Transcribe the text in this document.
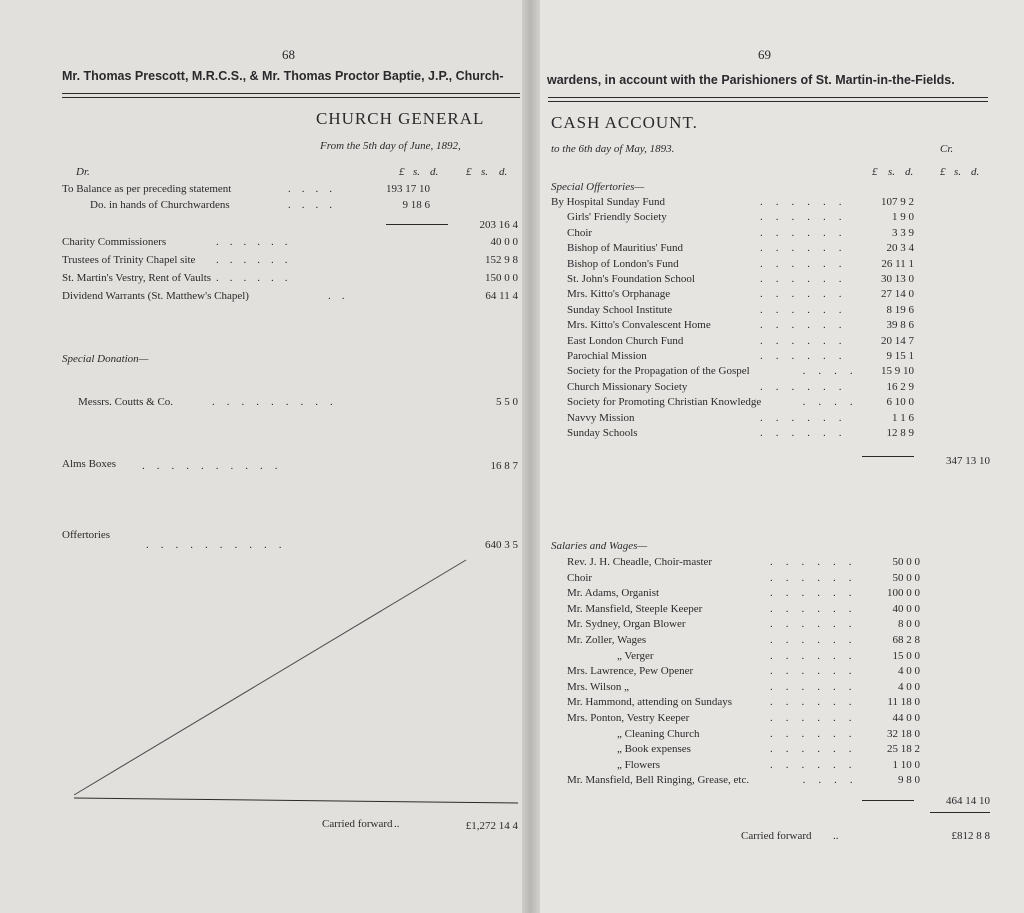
68
Mr. Thomas Prescott, M.R.C.S., & Mr. Thomas Proctor Baptie, J.P., Church-
CHURCH GENERAL
From the 5th day of June, 1892,
Dr.	£ s. d.	£ s. d.
To Balance as per preceding statement	....	193 17 10
Do. in hands of Churchwardens	....	9 18 6
203 16 4
Charity Commissioners	......	40 0 0
Trustees of Trinity Chapel site ......	152 9 8
St. Martin's Vestry, Rent of Vaults ......	150 0 0
Dividend Warrants (St. Matthew's Chapel)	..	64 11 4
Special Donation—
Messrs. Coutts & Co.	.........	5 5 0
Alms Boxes ..........	16 8 7
Offertories
..........	640 3 5
Carried forward ..	£1,272 14 4
69
wardens, in account with the Parishioners of St. Martin-in-the-Fields.
CASH ACCOUNT.
to the 6th day of May, 1893.	Cr.
£ s. d. £ s. d.
Special Offertories—
By Hospital Sunday Fund	......	107 9 2
Girls' Friendly Society	......	1 9 0
Choir	......	3 3 9
Bishop of Mauritius' Fund	......	20 3 4
Bishop of London's Fund	......	26 11 1
St. John's Foundation School	......	30 13 0
Mrs. Kitto's Orphanage	......	27 14 0
Sunday School Institute	......	8 19 6
Mrs. Kitto's Convalescent Home	......	39 8 6
East London Church Fund	......	20 14 7
Parochial Mission	......	9 15 1
Society for the Propagation of the Gospel	....	15 9 10
Church Missionary Society	......	16 2 9
Society for Promoting Christian Knowledge	....	6 10 0
Navvy Mission	......	1 1 6
Sunday Schools	......	12 8 9
347 13 10
Salaries and Wages—
Rev. J. H. Cheadle, Choir-master	......	50 0 0
Choir	......	50 0 0
Mr. Adams, Organist	......	100 0 0
Mr. Mansfield, Steeple Keeper	......	40 0 0
Mr. Sydney, Organ Blower	......	8 0 0
Mr. Zoller, Wages	......	68 2 8
„ Verger	......	15 0 0
Mrs. Lawrence, Pew Opener	......	4 0 0
Mrs. Wilson „	......	4 0 0
Mr. Hammond, attending on Sundays	......	11 18 0
Mrs. Ponton, Vestry Keeper	......	44 0 0
„ Cleaning Church	......	32 18 0
„ Book expenses	......	25 18 2
„ Flowers	......	1 10 0
Mr. Mansfield, Bell Ringing, Grease, etc.	....	9 8 0
464 14 10
Carried forward ..	£812 8 8
